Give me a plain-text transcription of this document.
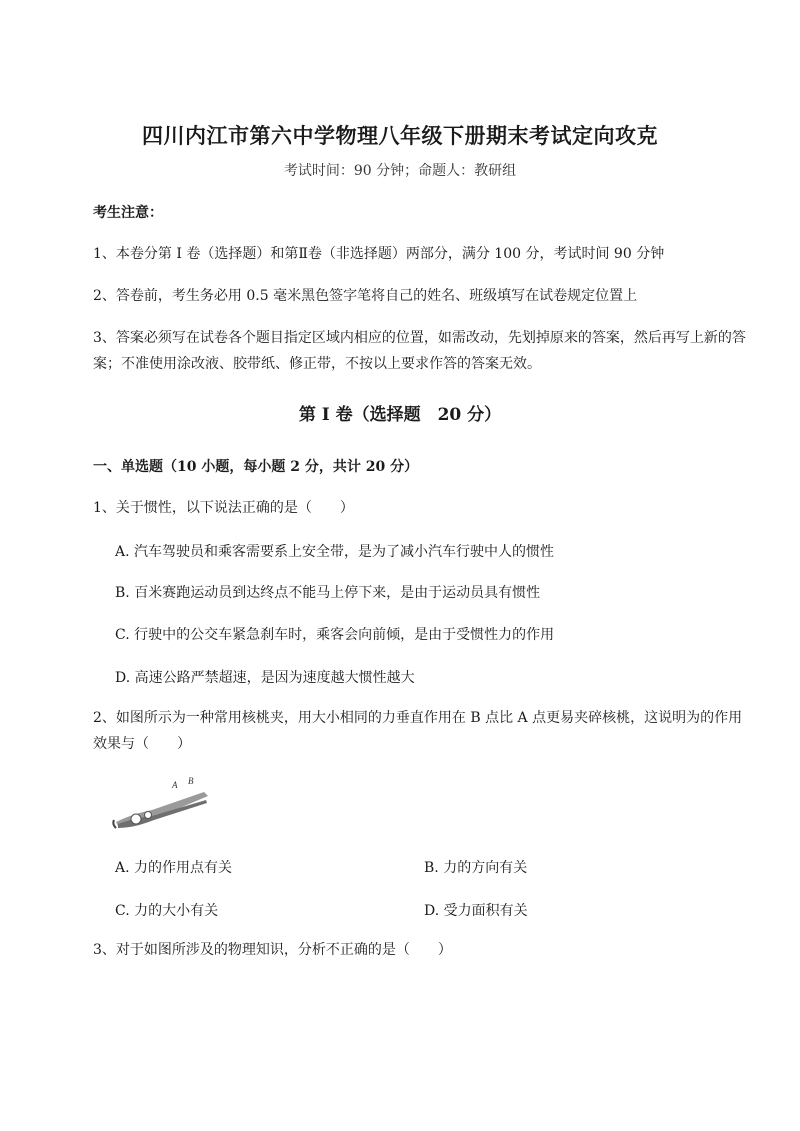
四川内江市第六中学物理八年级下册期末考试定向攻克
考试时间：90 分钟；命题人：教研组
考生注意：
1、本卷分第 I 卷（选择题）和第Ⅱ卷（非选择题）两部分，满分 100 分，考试时间 90 分钟
2、答卷前，考生务必用 0.5 毫米黑色签字笔将自己的姓名、班级填写在试卷规定位置上
3、答案必须写在试卷各个题目指定区域内相应的位置，如需改动，先划掉原来的答案，然后再写上新的答案；不准使用涂改液、胶带纸、修正带，不按以上要求作答的答案无效。
第 I 卷（选择题　20 分）
一、单选题（10 小题，每小题 2 分，共计 20 分）
1、关于惯性，以下说法正确的是（　　）
A. 汽车驾驶员和乘客需要系上安全带，是为了减小汽车行驶中人的惯性
B. 百米赛跑运动员到达终点不能马上停下来，是由于运动员具有惯性
C. 行驶中的公交车紧急刹车时，乘客会向前倾，是由于受惯性力的作用
D. 高速公路严禁超速，是因为速度越大惯性越大
2、如图所示为一种常用核桃夹，用大小相同的力垂直作用在 B 点比 A 点更易夹碎核桃，这说明为的作用效果与（　　）
A B
A. 力的作用点有关	B. 力的方向有关
C. 力的大小有关	D. 受力面积有关
3、对于如图所涉及的物理知识，分析不正确的是（　　）
